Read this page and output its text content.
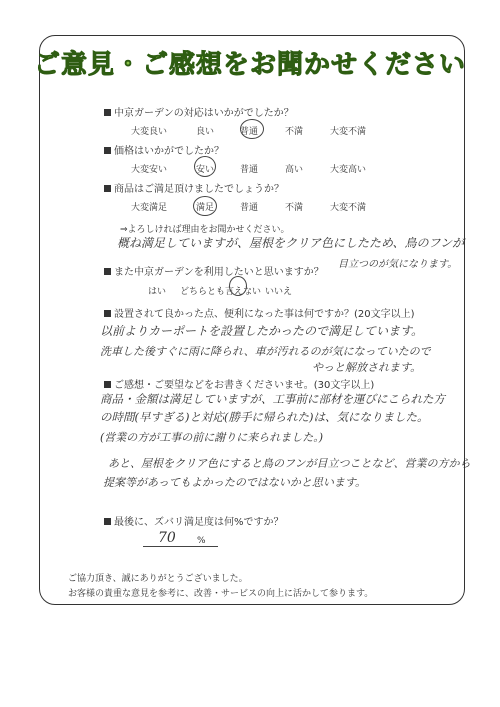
ご意見・ご感想をお聞かせください
中京ガーデンの対応はいかがでしたか？
大変良い	良い	普通	不満	大変不満
価格はいかがでしたか？
大変安い	安い	普通	高い	大変高い
商品はご満足頂けましたでしょうか？
大変満足	満足	普通	不満	大変不満
⇒よろしければ理由をお聞かせください。
概ね満足していますが、屋根をクリア色にしたため、鳥のフンが
目立つのが気になります。
また中京ガーデンを利用したいと思いますか？
はい どちらとも言えない いいえ
設置されて良かった点、便利になった事は何ですか？(20文字以上)
以前よりカーポートを設置したかったので満足しています。
洗車した後すぐに雨に降られ、車が汚れるのが気になっていたので
やっと解放されます。
ご感想・ご要望などをお書きくださいませ。(30文字以上)
商品・金額は満足していますが、工事前に部材を運びにこられた方
の時間(早すぎる)と対応(勝手に帰られた)は、気になりました。
(営業の方が工事の前に謝りに来られました。)
あと、屋根をクリア色にすると鳥のフンが目立つことなど、営業の方から
提案等があってもよかったのではないかと思います。
最後に、ズバリ満足度は何%ですか？
70 %
ご協力頂き、誠にありがとうございました。
お客様の貴重な意見を参考に、改善・サービスの向上に活かして参ります。
